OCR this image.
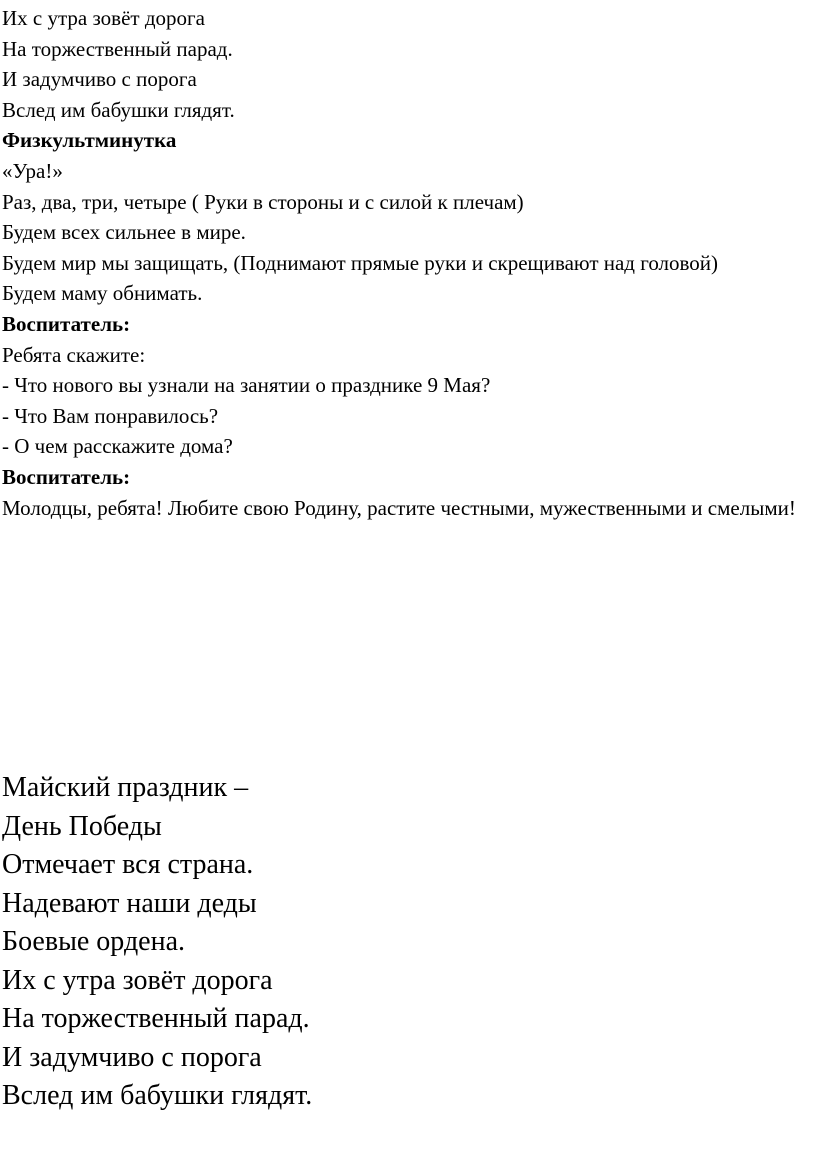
Их с утра зовёт дорога

На торжественный парад.

И задумчиво с порога

Вслед им бабушки глядят.

Физкультминутка

«Ура!»

Раз, два, три, четыре ( Руки в стороны и с силой к плечам)

Будем всех сильнее в мире.

Будем мир мы защищать, (Поднимают прямые руки и скрещивают над головой)

Будем маму обнимать.

Воспитатель:

Ребята скажите:

- Что нового вы узнали на занятии о празднике 9 Мая?

- Что Вам понравилось?

- О чем расскажите дома?

Воспитатель:

Молодцы, ребята! Любите свою Родину, растите честными, мужественными и смелыми!

Майский праздник –

День Победы

Отмечает вся страна.

Надевают наши деды

Боевые ордена.

Их с утра зовёт дорога

На торжественный парад.

И задумчиво с порога

Вслед им бабушки глядят.
